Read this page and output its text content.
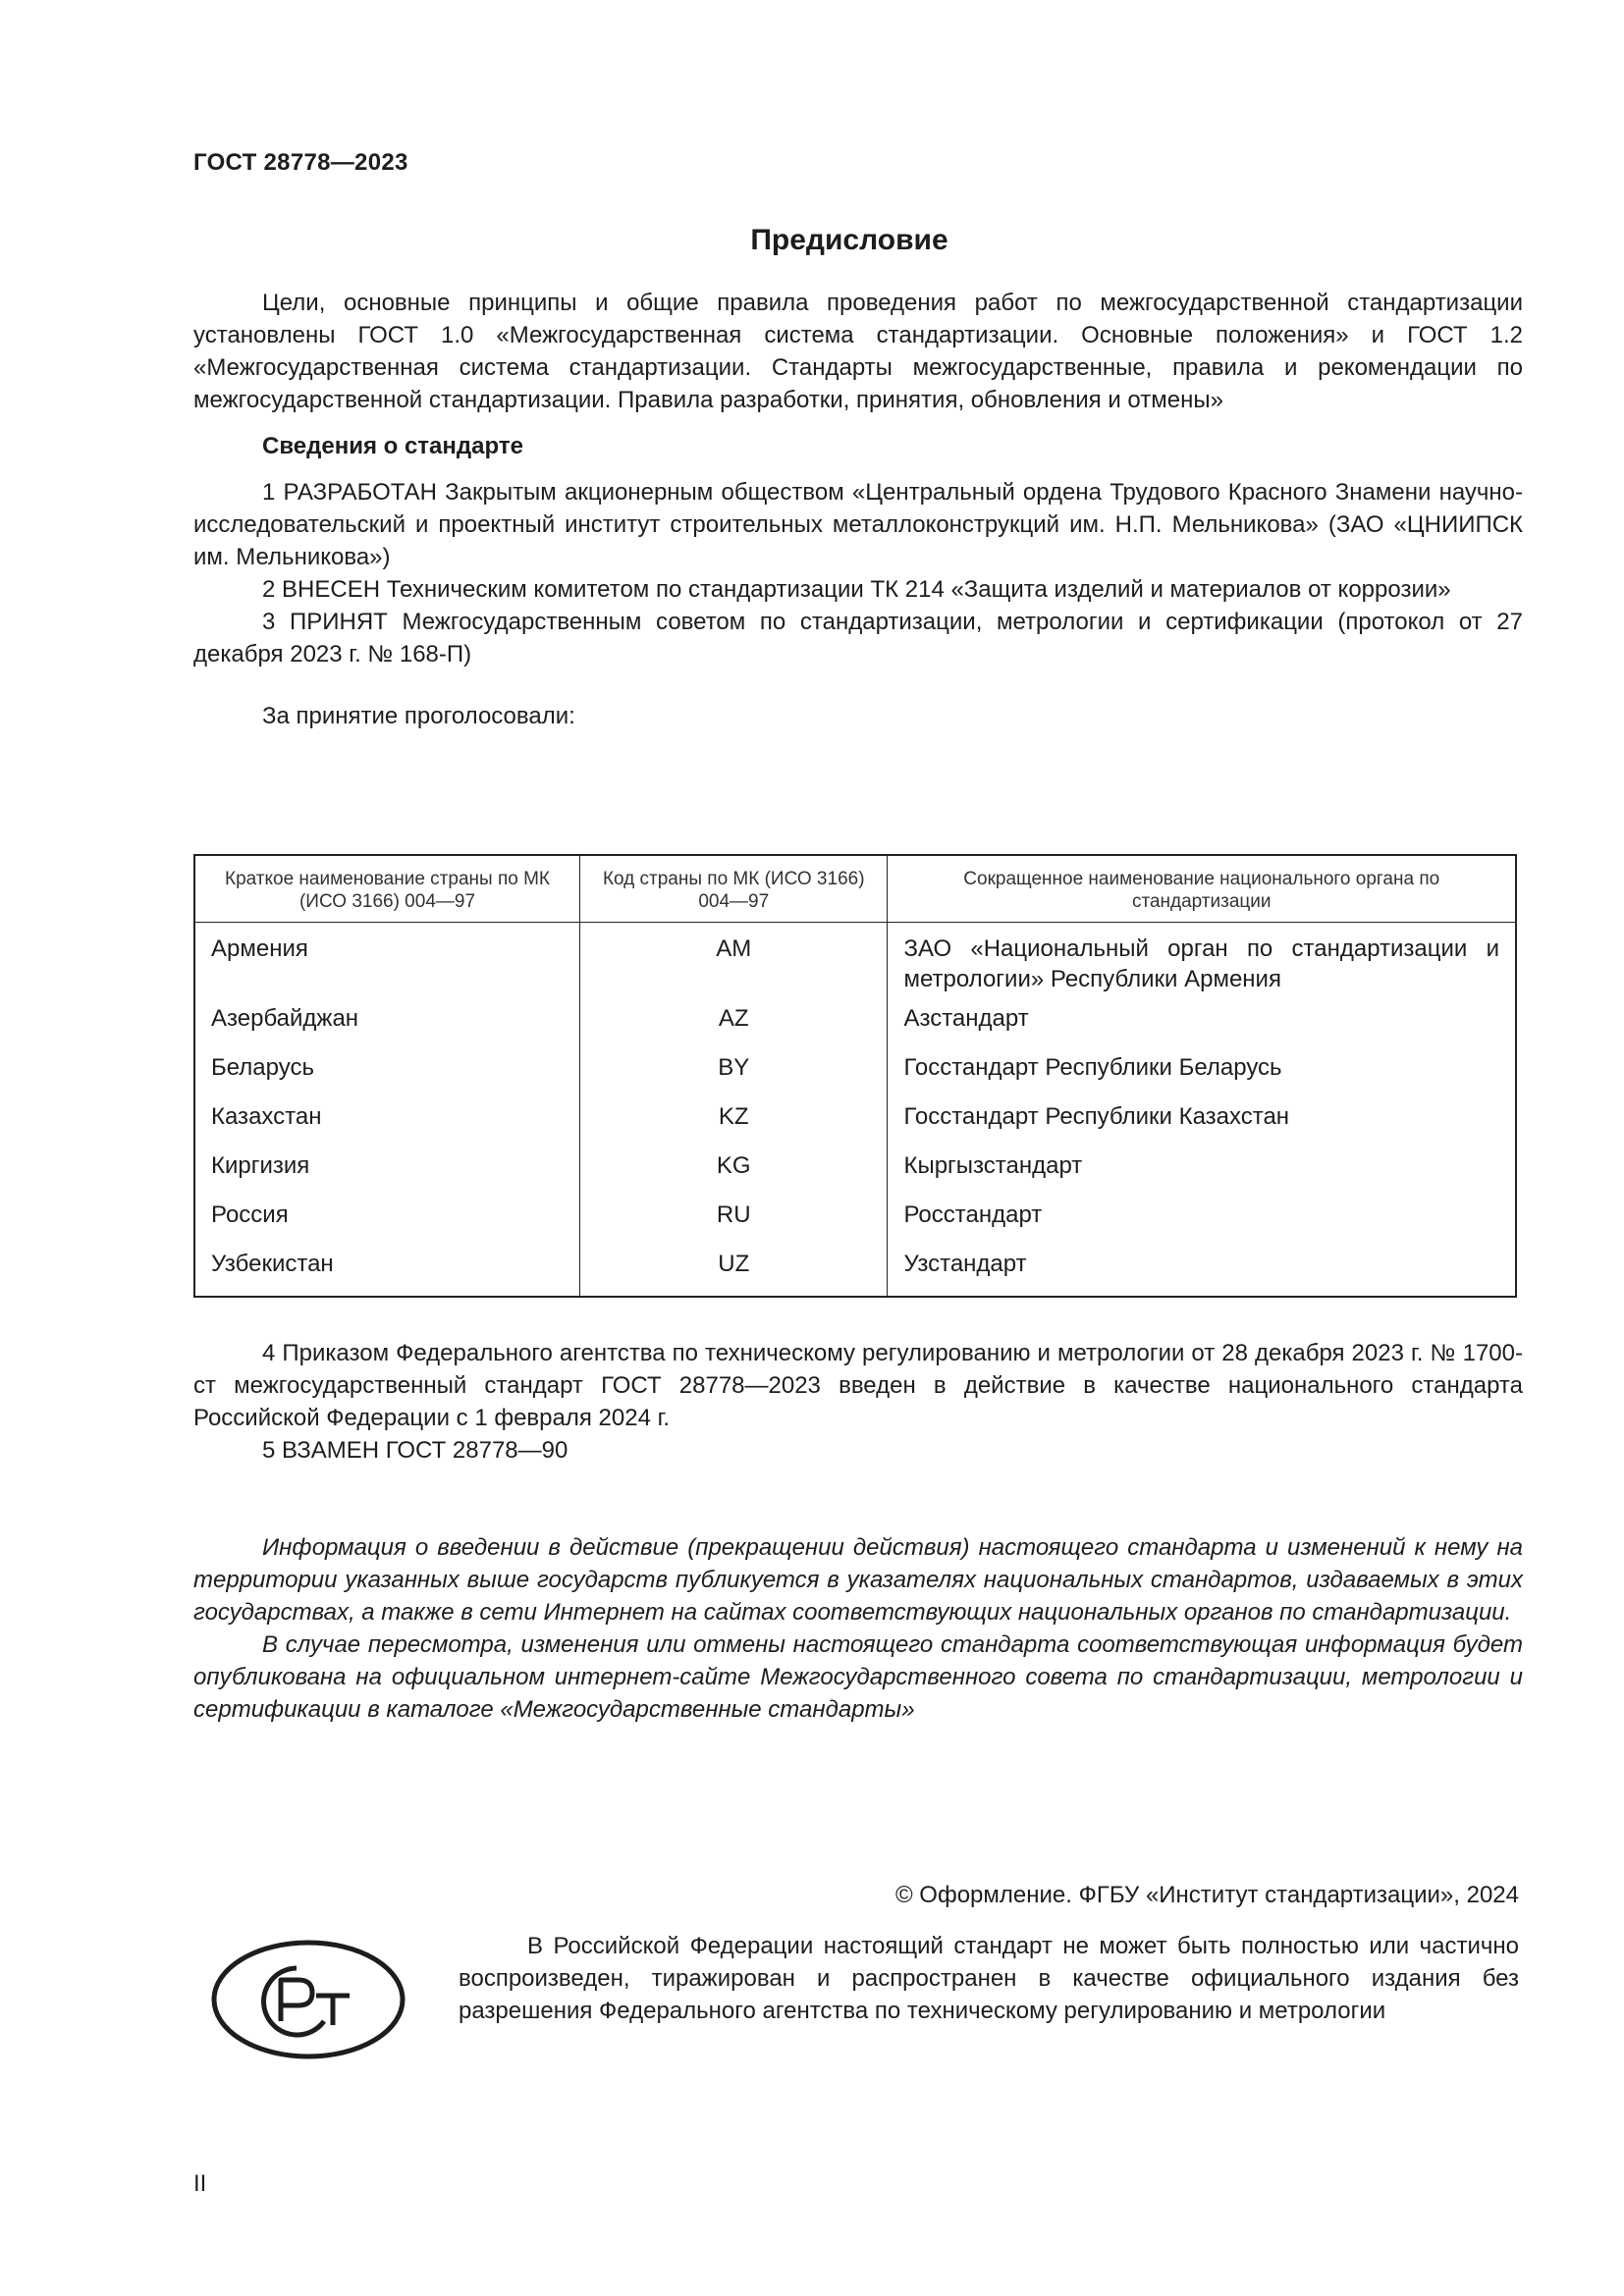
ГОСТ 28778—2023
Предисловие

Цели, основные принципы и общие правила проведения работ по межгосударственной стандартизации установлены ГОСТ 1.0 «Межгосударственная система стандартизации. Основные положения» и ГОСТ 1.2 «Межгосударственная система стандартизации. Стандарты межгосударственные, правила и рекомендации по межгосударственной стандартизации. Правила разработки, принятия, обновления и отмены»

Сведения о стандарте

1 РАЗРАБОТАН Закрытым акционерным обществом «Центральный ордена Трудового Красного Знамени научно-исследовательский и проектный институт строительных металлоконструкций им. Н.П. Мельникова» (ЗАО «ЦНИИПСК им. Мельникова»)

2 ВНЕСЕН Техническим комитетом по стандартизации ТК 214 «Защита изделий и материалов от коррозии»

3 ПРИНЯТ Межгосударственным советом по стандартизации, метрологии и сертификации (протокол от 27 декабря 2023 г. № 168-П)

За принятие проголосовали:

Краткое наименование страны по МК (ИСО 3166) 004—97	Код страны по МК (ИСО 3166) 004—97	Сокращенное наименование национального органа по стандартизации
Армения	AM	ЗАО «Национальный орган по стандартизации и метрологии» Республики Армения
Азербайджан	AZ	Азстандарт
Беларусь	BY	Госстандарт Республики Беларусь
Казахстан	KZ	Госстандарт Республики Казахстан
Киргизия	KG	Кыргызстандарт
Россия	RU	Росстандарт
Узбекистан	UZ	Узстандарт

4 Приказом Федерального агентства по техническому регулированию и метрологии от 28 декабря 2023 г. № 1700-ст межгосударственный стандарт ГОСТ 28778—2023 введен в действие в качестве национального стандарта Российской Федерации с 1 февраля 2024 г.

5 ВЗАМЕН ГОСТ 28778—90

Информация о введении в действие (прекращении действия) настоящего стандарта и изменений к нему на территории указанных выше государств публикуется в указателях национальных стандартов, издаваемых в этих государствах, а также в сети Интернет на сайтах соответствующих национальных органов по стандартизации.

В случае пересмотра, изменения или отмены настоящего стандарта соответствующая информация будет опубликована на официальном интернет-сайте Межгосударственного совета по стандартизации, метрологии и сертификации в каталоге «Межгосударственные стандарты»

© Оформление. ФГБУ «Институт стандартизации», 2024

В Российской Федерации настоящий стандарт не может быть полностью или частично воспроизведен, тиражирован и распространен в качестве официального издания без разрешения Федерального агентства по техническому регулированию и метрологии

II
